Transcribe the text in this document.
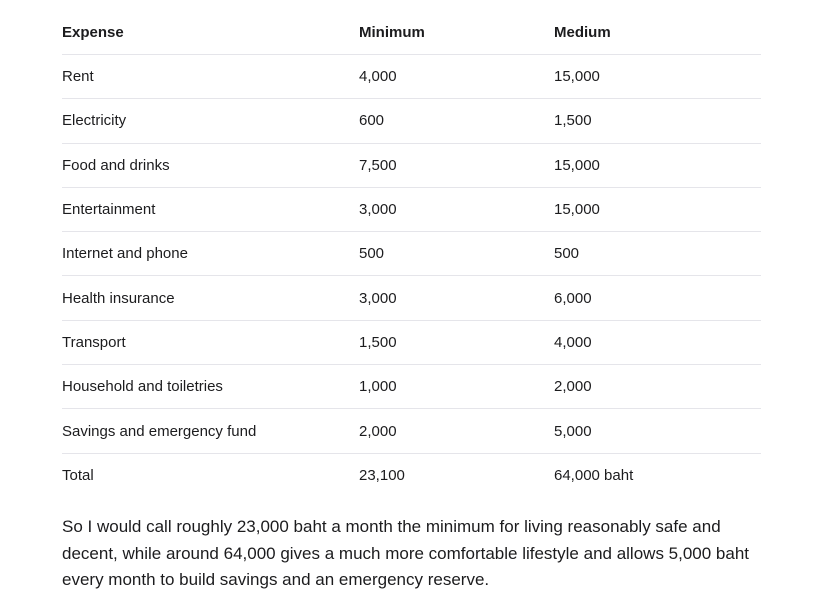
Expense	Minimum	Medium
Rent	4,000	15,000
Electricity	600	1,500
Food and drinks	7,500	15,000
Entertainment	3,000	15,000
Internet and phone	500	500
Health insurance	3,000	6,000
Transport	1,500	4,000
Household and toiletries	1,000	2,000
Savings and emergency fund	2,000	5,000
Total	23,100	64,000 baht

So I would call roughly 23,000 baht a month the minimum for living reasonably safe and decent, while around 64,000 gives a much more comfortable lifestyle and allows 5,000 baht every month to build savings and an emergency reserve.
